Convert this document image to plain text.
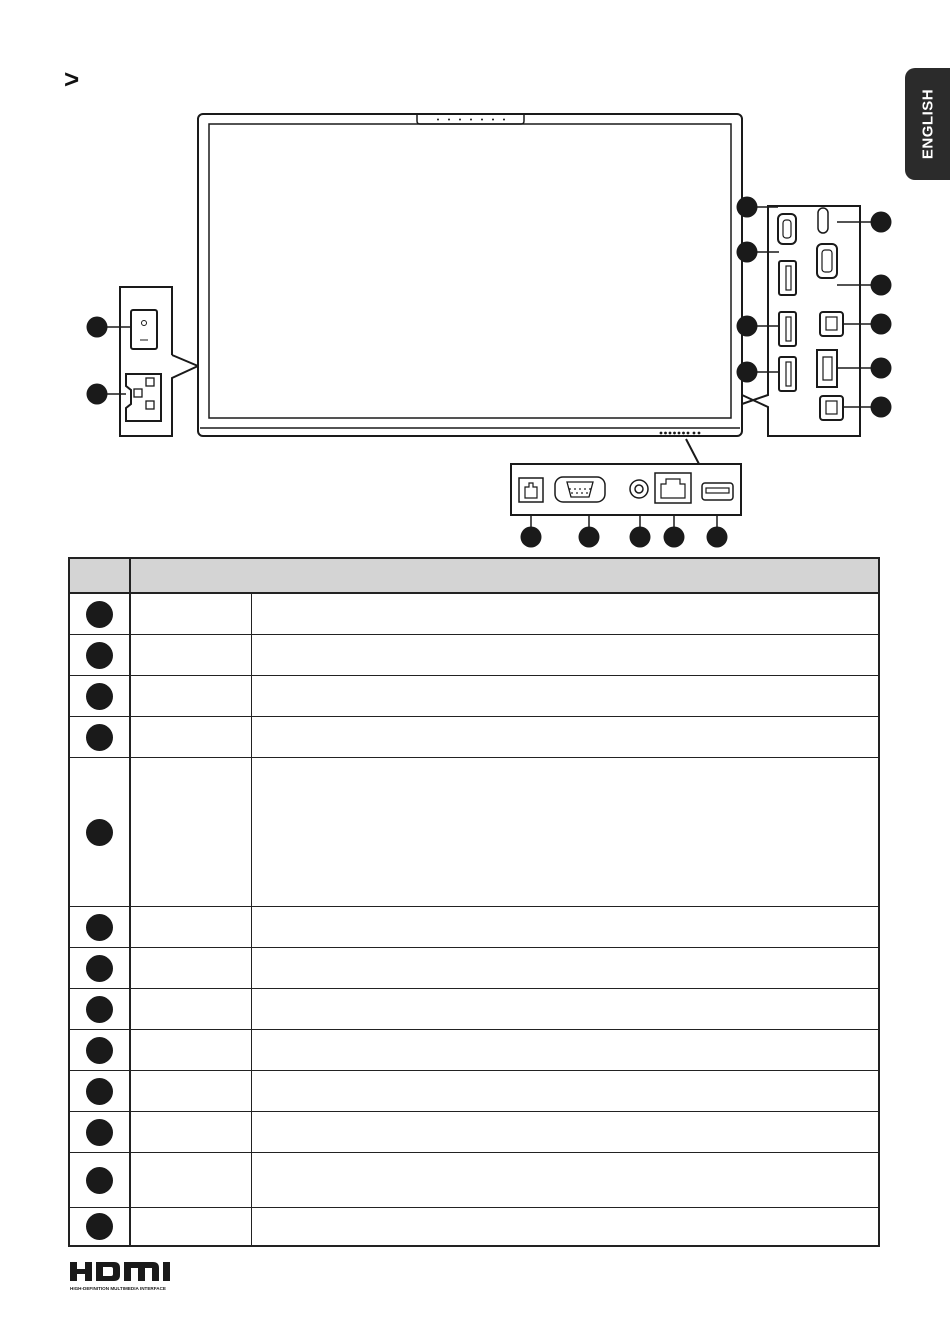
ENGLISH
>
HIGH-DEFINITION MULTIMEDIA INTERFACE
